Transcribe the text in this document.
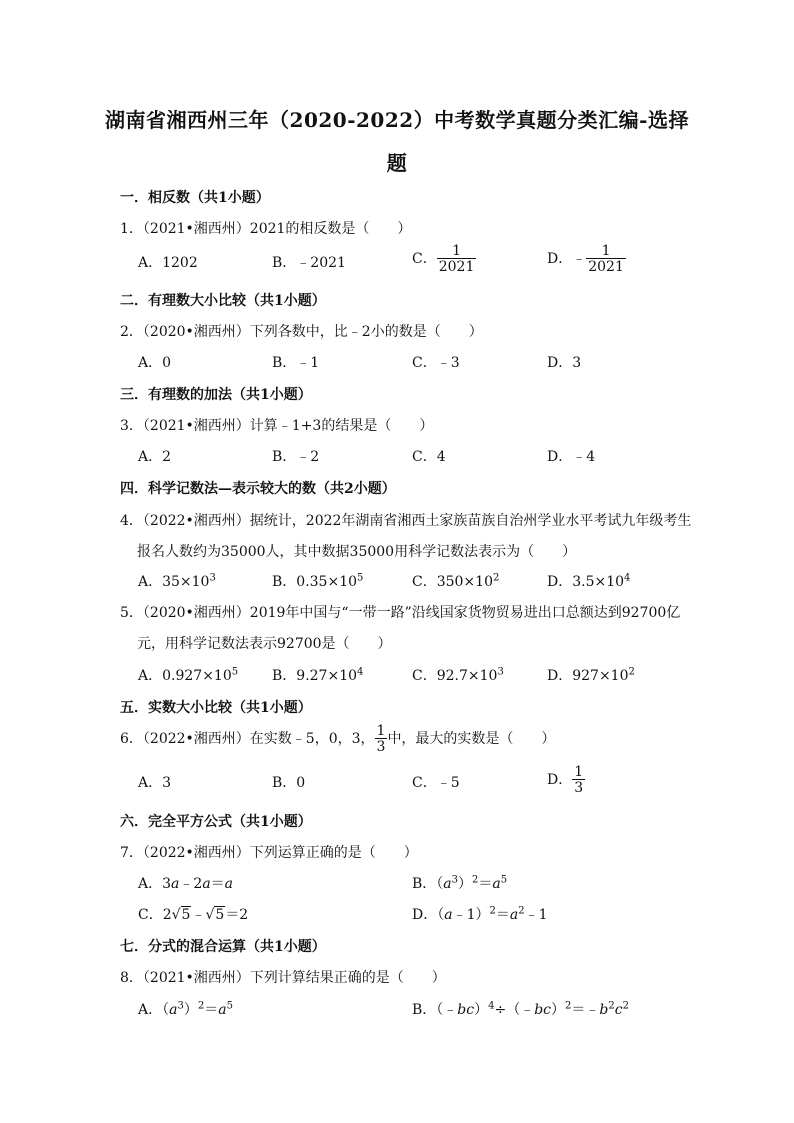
湖南省湘西州三年（2020-2022）中考数学真题分类汇编-选择
题
一．相反数（共1小题）
1．（2021•湘西州）2021的相反数是（　　）
A．1202	B．﹣2021	C． $\frac{1}{2021}$	D．﹣ $\frac{1}{2021}$
二．有理数大小比较（共1小题）
2．（2020•湘西州）下列各数中，比﹣2小的数是（　　）
A．0	B．﹣1	C．﹣3	D．3
三．有理数的加法（共1小题）
3．（2021•湘西州）计算﹣1+3的结果是（　　）
A．2	B．﹣2	C．4	D．﹣4
四．科学记数法—表示较大的数（共2小题）
4．（2022•湘西州）据统计，2022年湖南省湘西土家族苗族自治州学业水平考试九年级考生
报名人数约为35000人，其中数据35000用科学记数法表示为（　　）
A．$35\times 10^3$	B．$0.35\times 10^5$	C．$350\times 10^2$	D．$3.5\times 10^4$
5．（2020•湘西州）2019年中国与“一带一路”沿线国家货物贸易进出口总额达到92700亿
元，用科学记数法表示92700是（　　）
A．$0.927\times 10^5$ B．$9.27\times 10^4$	C．$92.7\times 10^3$	D．$927\times 10^2$
五．实数大小比较（共1小题）
6．（2022•湘西州）在实数﹣5，0，3， $\frac{1}{3}$ 中，最大的实数是（　　）
A．3	B．0	C．﹣5	D． $\frac{1}{3}$
六．完全平方公式（共1小题）
7．（2022•湘西州）下列运算正确的是（　　）
A．3a﹣2a＝a	B．$(a^3)^2=a^5$
C．2√5﹣√5＝2	D．$(a﹣1)^2=a^2﹣1$
七．分式的混合运算（共1小题）
8．（2021•湘西州）下列计算结果正确的是（　　）
A．$(a^3)^2=a^5$	B．$(﹣bc)^4\div(﹣bc)^2=﹣b^2c^2$
